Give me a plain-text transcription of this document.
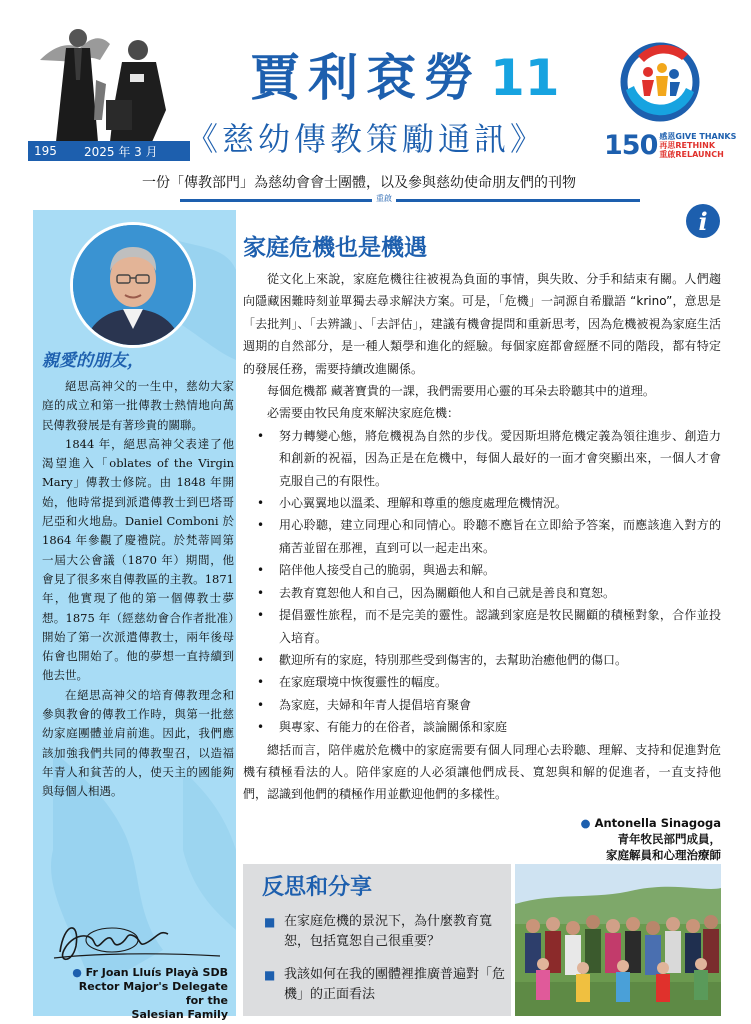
195	2025 年 3 月
賈利袞勞 11
《慈幼傳教策勵通訊》 150 感恩GIVE THANKS
再思RETHINK
重啟RELAUNCH
一份「傳教部門」為慈幼會會士團體，以及參與慈幼使命朋友們的刊物
重啟
親愛的朋友，

絕思高神父的一生中，慈幼大家庭的成立和第一批傳教士熱情地向萬民傳教發展是有著珍貴的關聯。

1844 年，絕思高神父表達了他渴望進入「oblates of the Virgin Mary」傳教士修院。由 1848 年開始，他時常提到派遣傳教士到巴塔哥尼亞和火地島。Daniel Comboni 於 1864 年參觀了慶禮院。於梵蒂岡第一屆大公會議（1870 年）期間，他會見了很多來自傳教區的主教。1871 年，他實現了他的第一個傳教士夢想。1875 年（經慈幼會合作者批准）開始了第一次派遣傳教士，兩年後母佑會也開始了。他的夢想一直持續到他去世。

在絕思高神父的培育傳教理念和參與教會的傳教工作時，與第一批慈幼家庭團體並肩前進。因此，我們應該加強我們共同的傳教聖召，以造福年青人和貧苦的人，使天主的國能夠與每個人相遇。

● Fr Joan Lluís Playà SDB
Rector Major's Delegate for the
Salesian Family
i
家庭危機也是機遇

從文化上來說，家庭危機往往被視為負面的事情，與失敗、分手和結束有關。人們趨向隱藏困難時刻並單獨去尋求解決方案。可是，「危機」一詞源自希臘語 “krino”，意思是「去批判」、「去辨識」、「去評估」，建議有機會提問和重新思考，因為危機被視為家庭生活週期的自然部分，是一種人類學和進化的經驗。每個家庭都會經歷不同的階段，都有特定的發展任務，需要持續改進關係。

每個危機都 藏著寶貴的一課，我們需要用心靈的耳朵去聆聽其中的道理。

必需要由牧民角度來解決家庭危機：

• 努力轉變心態，將危機視為自然的步伐。愛因斯坦將危機定義為領往進步、創造力和創新的祝福，因為正是在危機中，每個人最好的一面才會突顯出來，一個人才會克服自己的有限性。
• 小心翼翼地以溫柔、理解和尊重的態度處理危機情況。
• 用心聆聽，建立同理心和同情心。聆聽不應旨在立即給予答案，而應該進入對方的痛苦並留在那裡，直到可以一起走出來。
• 陪伴他人接受自己的脆弱，與過去和解。
• 去教育寬恕他人和自己，因為關顧他人和自己就是善良和寬恕。
• 提倡靈性旅程，而不是完美的靈性。認識到家庭是牧民關顧的積極對象，合作並投入培育。
• 歡迎所有的家庭，特別那些受到傷害的，去幫助治癒他們的傷口。
• 在家庭環境中恢復靈性的幅度。
• 為家庭，夫婦和年青人提倡培育聚會
• 與專家、有能力的在俗者，談論關係和家庭

總括而言，陪伴處於危機中的家庭需要有個人同理心去聆聽、理解、支持和促進對危機有積極看法的人。陪伴家庭的人必須讓他們成長、寬恕與和解的促進者，一直支持他們，認識到他們的積極作用並歡迎他們的多樣性。

● Antonella Sinagoga
青年牧民部門成員，
家庭解員和心理治療師
反思和分享
■ 在家庭危機的景況下，為什麼教育寬恕，包括寬恕自己很重要？
■ 我該如何在我的團體裡推廣普遍對「危機」的正面看法
